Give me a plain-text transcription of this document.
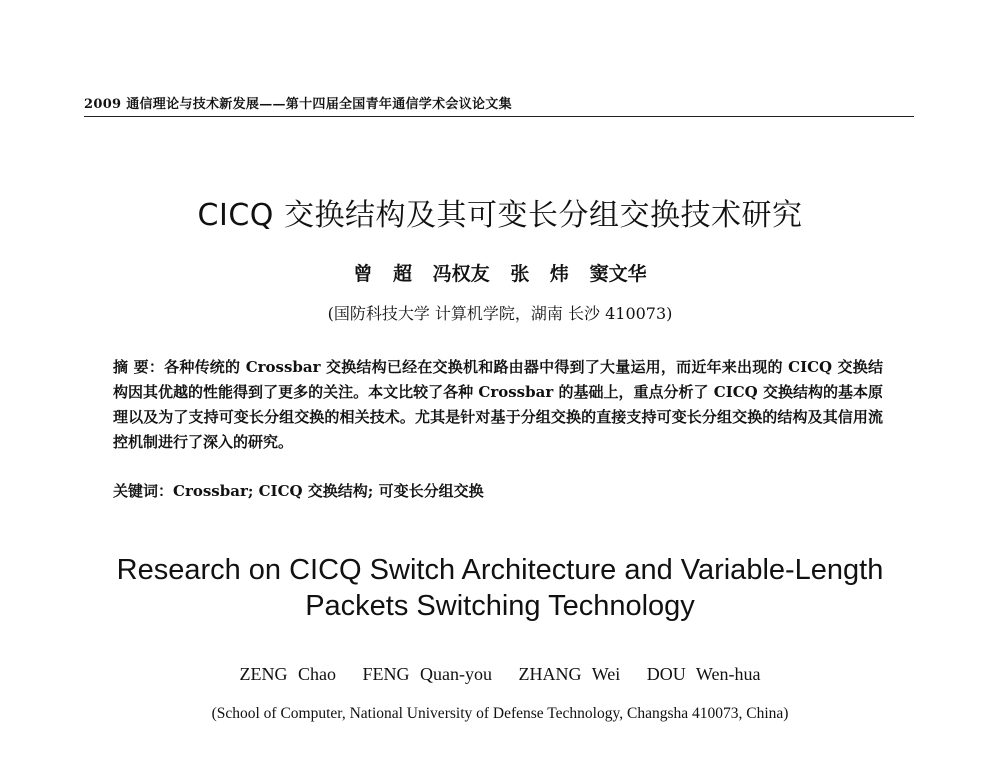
2009 通信理论与技术新发展——第十四届全国青年通信学术会议论文集
CICQ 交换结构及其可变长分组交换技术研究
曾 超 冯权友 张 炜 窦文华
(国防科技大学 计算机学院，湖南 长沙 410073)
摘 要：各种传统的 Crossbar 交换结构已经在交换机和路由器中得到了大量运用，而近年来出现的 CICQ 交换结构因其优越的性能得到了更多的关注。本文比较了各种 Crossbar 的基础上，重点分析了 CICQ 交换结构的基本原理以及为了支持可变长分组交换的相关技术。尤其是针对基于分组交换的直接支持可变长分组交换的结构及其信用流控机制进行了深入的研究。
关键词：Crossbar; CICQ 交换结构; 可变长分组交换
Research on CICQ Switch Architecture and Variable-Length
Packets Switching Technology
ZENG Chao FENG Quan-you ZHANG Wei DOU Wen-hua
(School of Computer, National University of Defense Technology, Changsha 410073, China)
